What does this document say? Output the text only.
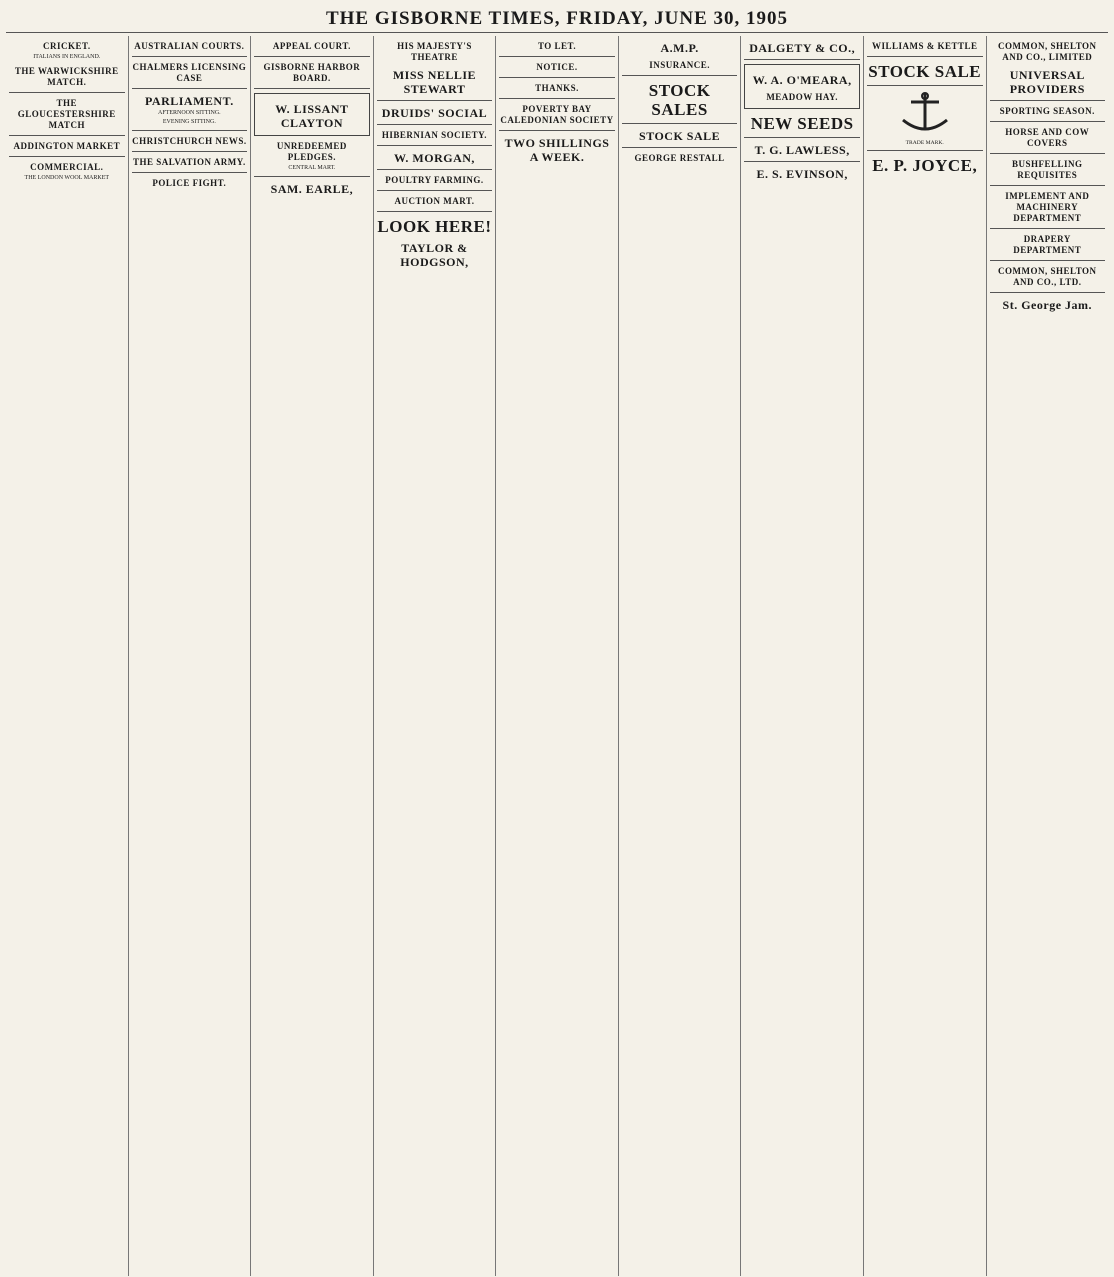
THE GISBORNE TIMES, FRIDAY, JUNE 30, 1905
CRICKET.
ITALIANS IN ENGLAND.
THE WARWICKSHIRE MATCH.
THE GLOUCESTERSHIRE MATCH
ADDINGTON MARKET
COMMERCIAL.
THE LONDON WOOL MARKET
AUSTRALIAN COURTS.
CHALMERS LICENSING CASE
PARLIAMENT.
AFTERNOON SITTING.
EVENING SITTING.
CHRISTCHURCH NEWS.
THE SALVATION ARMY.
POLICE FIGHT.
APPEAL COURT.
GISBORNE HARBOR BOARD.
W. LISSANT CLAYTON
UNREDEEMED PLEDGES.
CENTRAL MART.
SAM. EARLE,
HIS MAJESTY'S THEATRE
MISS NELLIE STEWART
DRUIDS' SOCIAL
HIBERNIAN SOCIETY.
W. MORGAN,
POULTRY FARMING.
AUCTION MART.
LOOK HERE!
TAYLOR & HODGSON,
TO LET.
NOTICE.
THANKS.
POVERTY BAY CALEDONIAN SOCIETY
TWO SHILLINGS A WEEK.
A.M.P.
INSURANCE.
STOCK SALES
STOCK SALE
GEORGE RESTALL
DALGETY & CO.,
W. A. O'MEARA,
MEADOW HAY.
NEW SEEDS
T. G. LAWLESS,
E. S. EVINSON,
WILLIAMS & KETTLE
STOCK SALE
TRADE MARK.
E. P. JOYCE,
COMMON, SHELTON AND CO., LIMITED
UNIVERSAL PROVIDERS
SPORTING SEASON.
HORSE AND COW COVERS
BUSHFELLING REQUISITES
IMPLEMENT AND MACHINERY DEPARTMENT
DRAPERY DEPARTMENT
COMMON, SHELTON AND CO., LTD.
St. George Jam.
